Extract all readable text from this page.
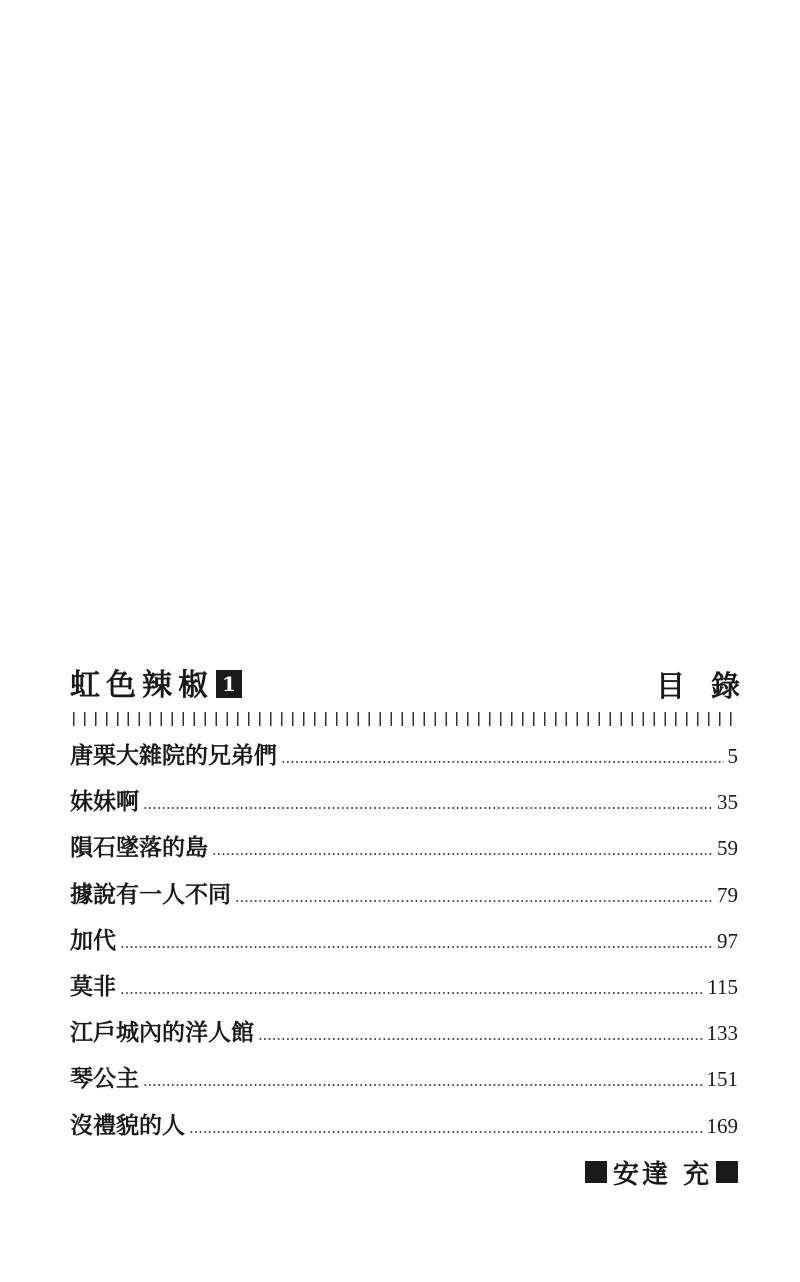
虹色辣椒 1	目錄
唐栗大雜院的兄弟們	5
妹妹啊	35
隕石墜落的島	59
據說有一人不同	79
加代	97
莫非	115
江戶城內的洋人館	133
琴公主	151
沒禮貌的人	169
安達 充
